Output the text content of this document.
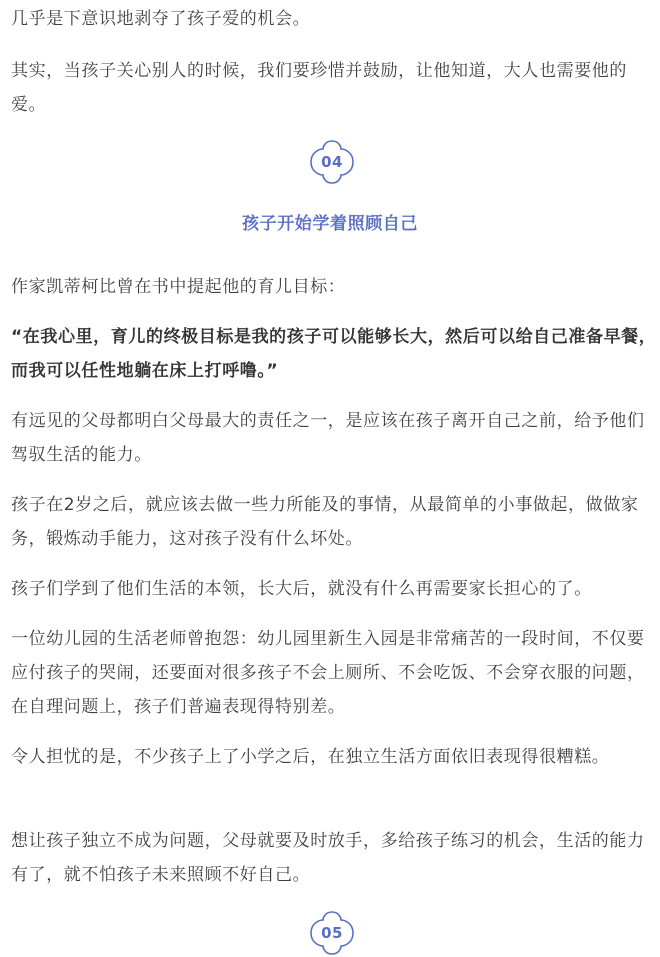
几乎是下意识地剥夺了孩子爱的机会。

其实，当孩子关心别人的时候，我们要珍惜并鼓励，让他知道，大人也需要他的爱。

04
孩子开始学着照顾自己

作家凯蒂柯比曾在书中提起他的育儿目标：

“在我心里，育儿的终极目标是我的孩子可以能够长大，然后可以给自己准备早餐，而我可以任性地躺在床上打呼噜。”

有远见的父母都明白父母最大的责任之一，是应该在孩子离开自己之前，给予他们驾驭生活的能力。

孩子在2岁之后，就应该去做一些力所能及的事情，从最简单的小事做起，做做家务，锻炼动手能力，这对孩子没有什么坏处。

孩子们学到了他们生活的本领，长大后，就没有什么再需要家长担心的了。

一位幼儿园的生活老师曾抱怨：幼儿园里新生入园是非常痛苦的一段时间，不仅要应付孩子的哭闹，还要面对很多孩子不会上厕所、不会吃饭、不会穿衣服的问题，在自理问题上，孩子们普遍表现得特别差。

令人担忧的是，不少孩子上了小学之后，在独立生活方面依旧表现得很糟糕。

想让孩子独立不成为问题，父母就要及时放手，多给孩子练习的机会，生活的能力有了，就不怕孩子未来照顾不好自己。

05
